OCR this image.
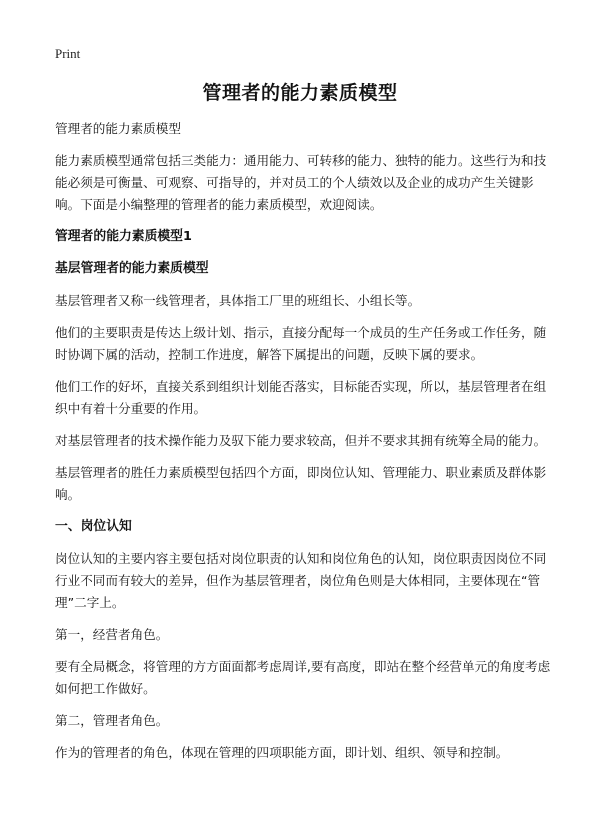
Print
管理者的能力素质模型

管理者的能力素质模型

能力素质模型通常包括三类能力：通用能力、可转移的能力、独特的能力。这些行为和技能必须是可衡量、可观察、可指导的，并对员工的个人绩效以及企业的成功产生关键影响。下面是小编整理的管理者的能力素质模型，欢迎阅读。

管理者的能力素质模型1
基层管理者的能力素质模型

基层管理者又称一线管理者，具体指工厂里的班组长、小组长等。

他们的主要职责是传达上级计划、指示，直接分配每一个成员的生产任务或工作任务，随时协调下属的活动，控制工作进度，解答下属提出的问题，反映下属的要求。

他们工作的好坏，直接关系到组织计划能否落实，目标能否实现，所以，基层管理者在组织中有着十分重要的作用。

对基层管理者的技术操作能力及驭下能力要求较高，但并不要求其拥有统筹全局的能力。

基层管理者的胜任力素质模型包括四个方面，即岗位认知、管理能力、职业素质及群体影响。

一、岗位认知

岗位认知的主要内容主要包括对岗位职责的认知和岗位角色的认知，岗位职责因岗位不同行业不同而有较大的差异，但作为基层管理者，岗位角色则是大体相同，主要体现在“管理”二字上。

第一，经营者角色。

要有全局概念，将管理的方方面面都考虑周详,要有高度，即站在整个经营单元的角度考虑如何把工作做好。

第二，管理者角色。

作为的管理者的角色，体现在管理的四项职能方面，即计划、组织、领导和控制。
